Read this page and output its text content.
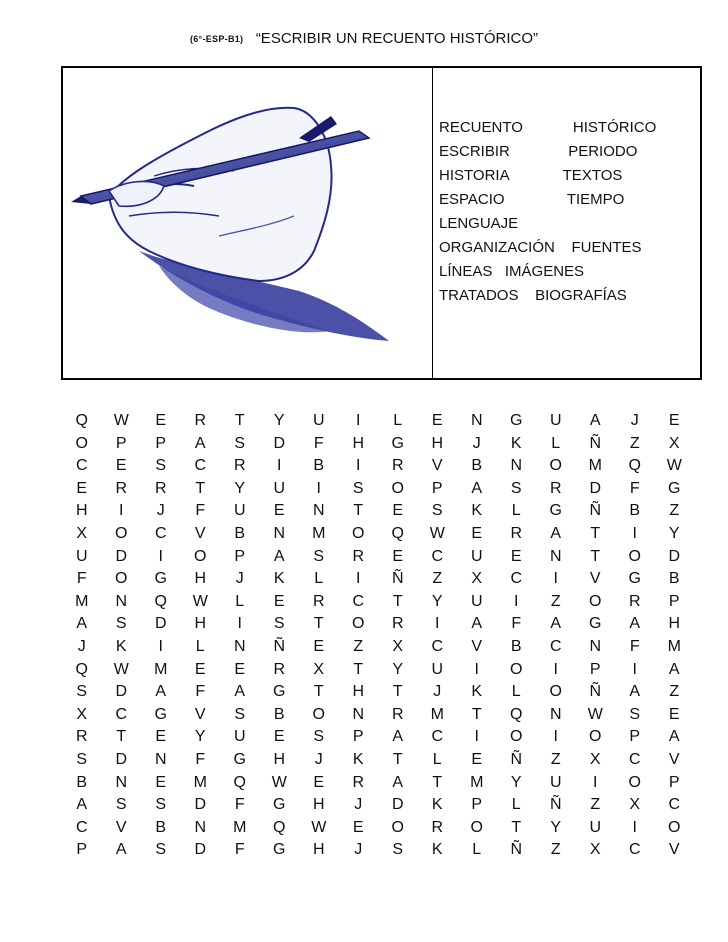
(6°-ESP-B1) “ESCRIBIR UN RECUENTO HISTÓRICO”
RECUENTO            HISTÓRICO
ESCRIBIR              PERIODO
HISTORIA             TEXTOS
ESPACIO               TIEMPO
LENGUAJE
ORGANIZACIÓN    FUENTES
LÍNEAS   IMÁGENES
TRATADOS    BIOGRAFÍAS
Q	W	E	R	T	Y	U	I	L	E	N	G	U	A	J	E
O	P	P	A	S	D	F	H	G	H	J	K	L	Ñ	Z	X
C	E	S	C	R	I	B	I	R	V	B	N	O	M	Q	W
E	R	R	T	Y	U	I	S	O	P	A	S	R	D	F	G
H	I	J	F	U	E	N	T	E	S	K	L	G	Ñ	B	Z
X	O	C	V	B	N	M	O	Q	W	E	R	A	T	I	Y
U	D	I	O	P	A	S	R	E	C	U	E	N	T	O	D
F	O	G	H	J	K	L	I	Ñ	Z	X	C	I	V	G	B
M	N	Q	W	L	E	R	C	T	Y	U	I	Z	O	R	P
A	S	D	H	I	S	T	O	R	I	A	F	A	G	A	H
J	K	I	L	N	Ñ	E	Z	X	C	V	B	C	N	F	M
Q	W	M	E	E	R	X	T	Y	U	I	O	I	P	I	A
S	D	A	F	A	G	T	H	T	J	K	L	O	Ñ	A	Z
X	C	G	V	S	B	O	N	R	M	T	Q	N	W	S	E
R	T	E	Y	U	E	S	P	A	C	I	O	I	O	P	A
S	D	N	F	G	H	J	K	T	L	E	Ñ	Z	X	C	V
B	N	E	M	Q	W	E	R	A	T	M	Y	U	I	O	P
A	S	S	D	F	G	H	J	D	K	P	L	Ñ	Z	X	C
C	V	B	N	M	Q	W	E	O	R	O	T	Y	U	I	O
P	A	S	D	F	G	H	J	S	K	L	Ñ	Z	X	C	V
